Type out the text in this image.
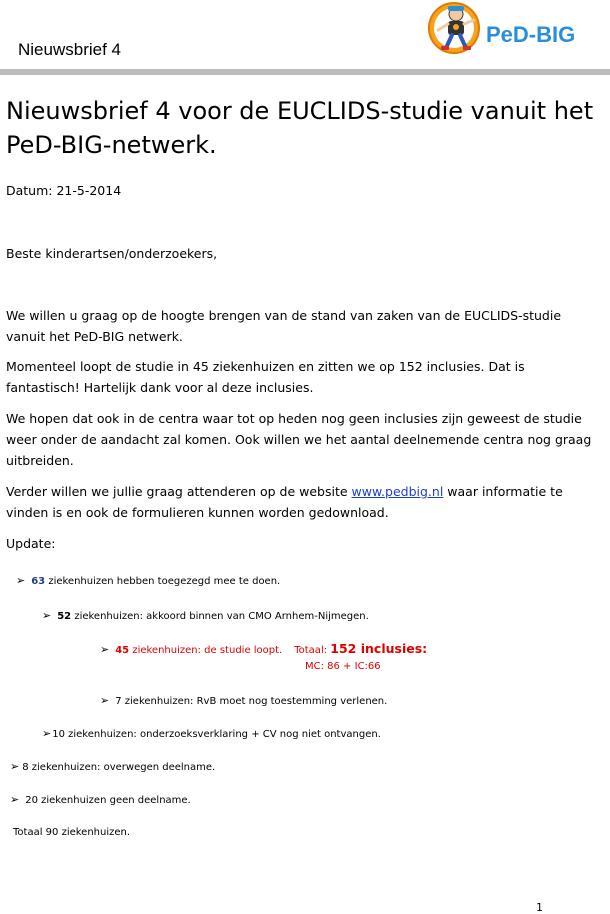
Nieuwsbrief 4
PeD-BIG
Nieuwsbrief 4 voor de EUCLIDS-studie vanuit het PeD-BIG-netwerk.
Datum: 21-5-2014
Beste kinderartsen/onderzoekers,
We willen u graag op de hoogte brengen van de stand van zaken van de EUCLIDS-studie vanuit het PeD-BIG netwerk.
Momenteel loopt de studie in 45 ziekenhuizen en zitten we op 152 inclusies. Dat is fantastisch! Hartelijk dank voor al deze inclusies.
We hopen dat ook in de centra waar tot op heden nog geen inclusies zijn geweest de studie weer onder de aandacht zal komen. Ook willen we het aantal deelnemende centra nog graag uitbreiden.
Verder willen we jullie graag attenderen op de website www.pedbig.nl waar informatie te vinden is en ook de formulieren kunnen worden gedownload.
Update:
➢ 63 ziekenhuizen hebben toegezegd mee te doen.
➢ 52 ziekenhuizen: akkoord binnen van CMO Arnhem-Nijmegen.
➢ 45 ziekenhuizen: de studie loopt. Totaal: 152 inclusies:
MC: 86 + IC:66
➢ 7 ziekenhuizen: RvB moet nog toestemming verlenen.
➢10 ziekenhuizen: onderzoeksverklaring + CV nog niet ontvangen.
➢ 8 ziekenhuizen: overwegen deelname.
➢ 20 ziekenhuizen geen deelname.
Totaal 90 ziekenhuizen.
1
